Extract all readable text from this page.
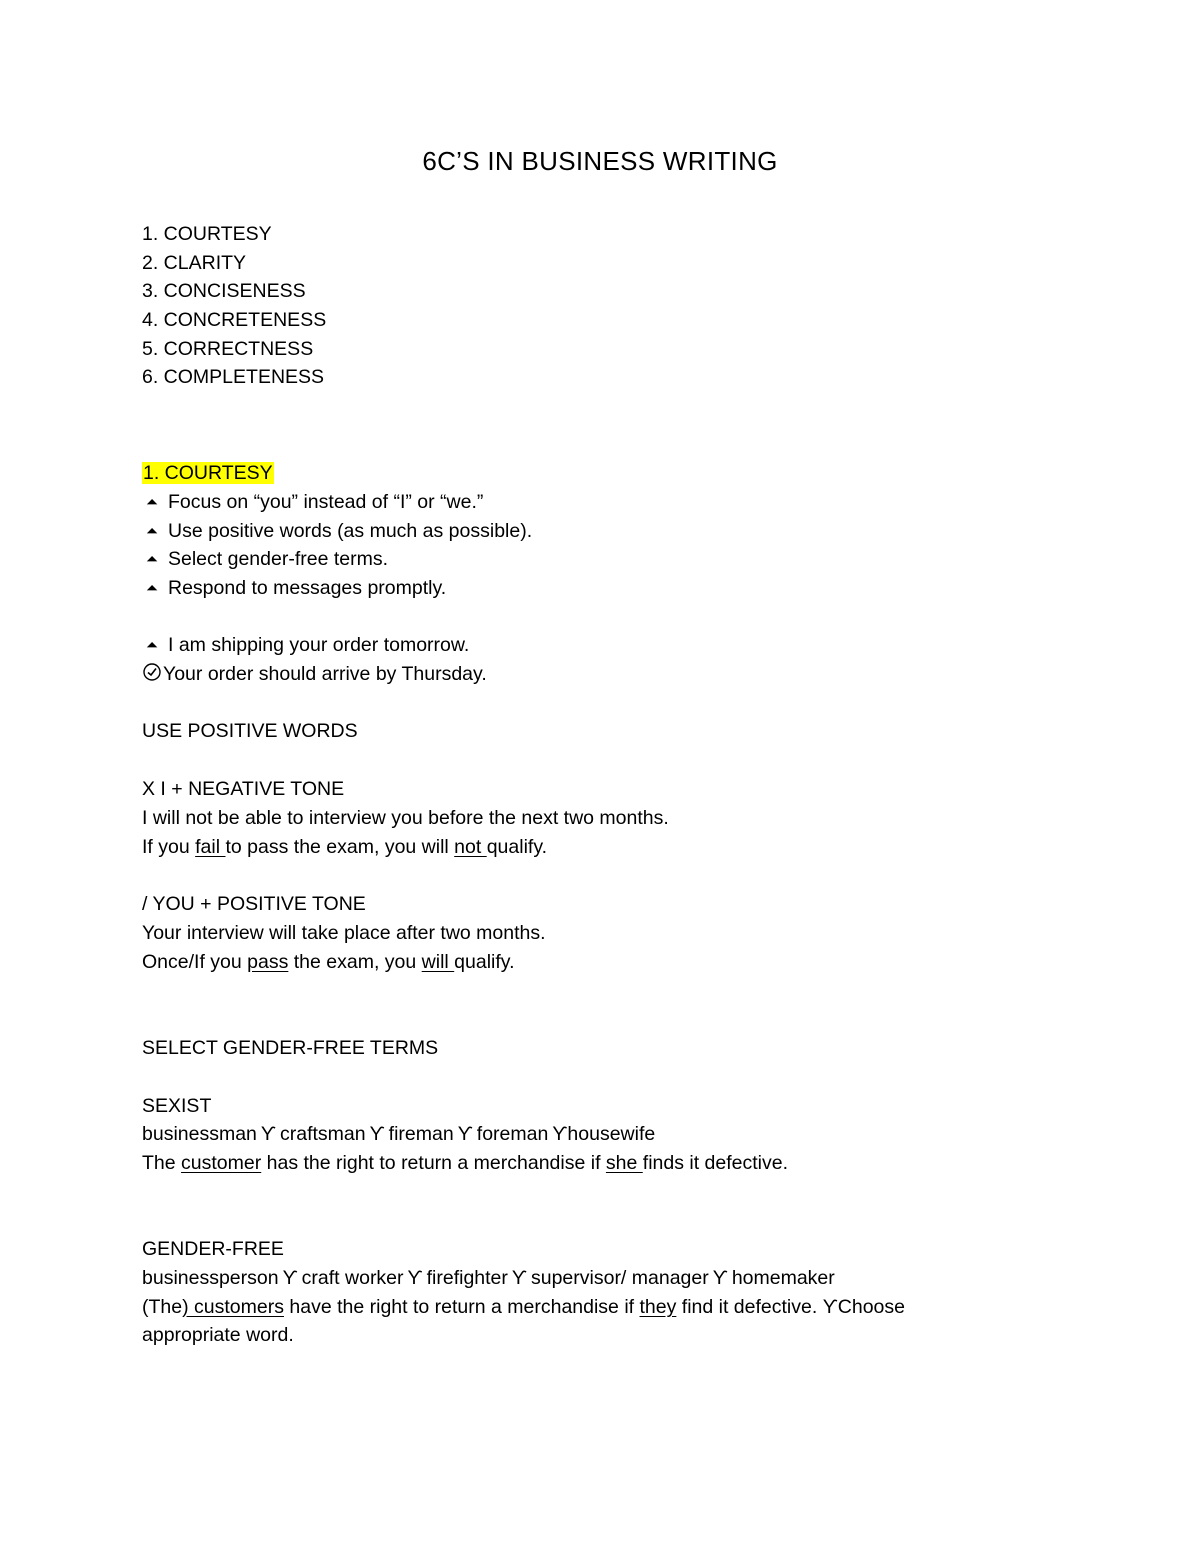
6C’S IN BUSINESS WRITING
1. COURTESY
2. CLARITY
3. CONCISENESS
4. CONCRETENESS
5. CORRECTNESS
6. COMPLETENESS
1. COURTESY
⏶ Focus on “you” instead of “I” or “we.”
⏶ Use positive words (as much as possible).
⏶ Select gender-free terms.
⏶ Respond to messages promptly.
⏶ I am shipping your order tomorrow.
Your order should arrive by Thursday.
USE POSITIVE WORDS
X I + NEGATIVE TONE
I will not be able to interview you before the next two months.
If you fail to pass the exam, you will not qualify.
/ YOU + POSITIVE TONE
Your interview will take place after two months.
Once/If you pass the exam, you will qualify.
SELECT GENDER-FREE TERMS
SEXIST
businessman Ƴ craftsman Ƴ fireman Ƴ foreman Ƴhousewife
The customer has the right to return a merchandise if she finds it defective.
GENDER-FREE
businessperson Ƴ craft worker Ƴ firefighter Ƴ supervisor/ manager Ƴ homemaker
(The) customers have the right to return a merchandise if they find it defective. ƳChoose
appropriate word.
